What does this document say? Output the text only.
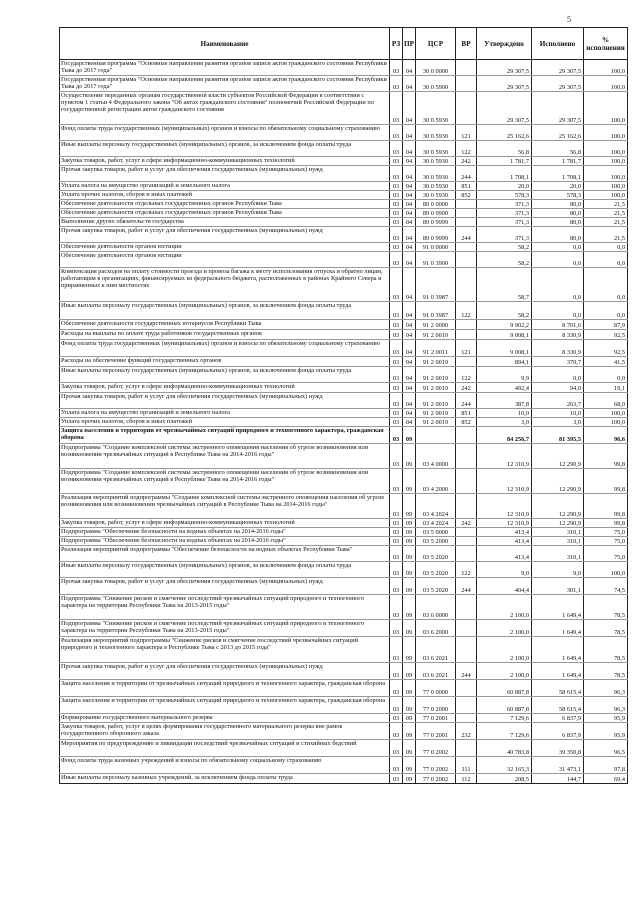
5
Наименование	РЗ	ПР	ЦСР	ВР	Утверждено	Исполнено	% исполнения
Государственная программа "Основные направления развития органов записи актов гражданского состояния Республики Тыва до 2017 года"	03	04	30 0 0000		29 307,5	29 307,5	100,0
Государственная программа "Основные направления развития органов записи актов гражданского состояния Республики Тыва до 2017 года"	03	04	30 0 5900		29 307,5	29 307,5	100,0
Осуществление переданных органам государственной власти субъектов Российской Федерации в соответствии с пунктом 1 статьи 4 Федерального закона "Об актах гражданского состояния" полномочий Российской Федерации по государственной регистрации актов гражданского состояния	03	04	30 0 5930		29 307,5	29 307,5	100,0
Фонд оплаты труда государственных (муниципальных) органов и взносы по обязательному социальному страхованию	03	04	30 0 5930	121	25 162,6	25 162,6	100,0
Иные выплаты персоналу государственных (муниципальных) органов, за исключением фонда оплаты труда	03	04	30 0 5930	122	56,8	56,8	100,0
Закупка товаров, работ, услуг в сфере информационно-коммуникационных технологий	03	04	30 0 5930	242	1 781,7	1 781,7	100,0
Прочая закупка товаров, работ и услуг для обеспечения государственных (муниципальных) нужд	03	04	30 0 5930	244	1 708,1	1 708,1	100,0
Уплата налога на имущество организаций и земельного налога	03	04	30 0 5930	851	20,0	20,0	100,0
Уплата прочих налогов, сборов и иных платежей	03	04	30 0 5930	852	578,3	578,3	100,0
Обеспечение деятельности отдельных государственных органов Республики Тыва	03	04	89 0 0000		371,3	80,0	21,5
Обеспечение деятельности отдельных государственных органов Республики Тыва	03	04	89 0 9900		371,3	80,0	21,5
Выполнение других обязательств государства	03	04	89 0 9999		371,3	80,0	21,5
Прочая закупка товаров, работ и услуг для обеспечения государственных (муниципальных) нужд	03	04	89 0 9999	244	371,3	80,0	21,5
Обеспечение деятельности органов юстиции	03	04	91 0 0000		58,2	0,0	0,0
Обеспечение деятельности органов юстиции	03	04	91 0 3900		58,2	0,0	0,0
Компенсация расходов на оплату стоимости проезда и провоза багажа к месту использования отпуска и обратно лицам, работающим в организациях, финансируемых из федерального бюджета, расположенных в районах Крайнего Севера и приравненных к ним местностях	03	04	91 0 3987		58,7	0,0	0,0
Иные выплаты персоналу государственных (муниципальных) органов, за исключением фонда оплаты труда	03	04	91 0 3987	122	58,2	0,0	0,0
Обеспечение деятельности государственных нотариусов Республики Тыва	03	04	91 2 0000		9 902,2	8 701,6	87,9
Расходы на выплаты по оплате труда работников государственных органов	03	04	91 2 0010		9 008,1	8 330,9	92,5
Фонд оплаты труда государственных (муниципальных) органов и взносы по обязательному социальному страхованию	03	04	91 2 0011	121	9 008,1	8 330,9	92,5
Расходы на обеспечение функций государственных органов	03	04	91 2 0019		894,1	370,7	41,5
Иные выплаты персоналу государственных (муниципальных) органов, за исключением фонда оплаты труда	03	04	91 2 0019	122	9,9	0,0	0,0
Закупка товаров, работ, услуг в сфере информационно-коммуникационных технологий	03	04	91 2 0019	242	492,4	94,0	19,1
Прочая закупка товаров, работ и услуг для обеспечения государственных (муниципальных) нужд	03	04	91 2 0019	244	387,8	263,7	68,0
Уплата налога на имущество организаций и земельного налога	03	04	91 2 0019	851	10,0	10,0	100,0
Уплата прочих налогов, сборов и иных платежей	03	04	91 2 0019	852	3,0	3,0	100,0
Защита населения и территории от чрезвычайных ситуаций природного и техногенного характера, гражданская оборона	03	09			84 256,7	81 395,5	96,6
Подпрограмма "Создание комплексной системы экстренного оповещения населения об угрозе возникновения или возникновении чрезвычайных ситуаций в Республике Тыва на 2014-2016 годы"	03	09	03 4 0000		12 310,9	12 290,9	99,8
Подпрограмма "Создание комплексной системы экстренного оповещения населения об угрозе возникновения или возникновении чрезвычайных ситуаций в Республике Тыва на 2014-2016 годы"	03	09	03 4 2000		12 310,9	12 290,9	99,8
Реализация мероприятий подпрограммы "Создание комплексной системы экстренного оповещения населения об угрозе возникновения или возникновении чрезвычайных ситуаций в Республике Тыва на 2014-2016 годы"	03	09	03 4 2024		12 310,9	12 290,9	99,8
Закупка товаров, работ, услуг в сфере информационно-коммуникационных технологий	03	09	03 4 2024	242	12 310,9	12 290,9	99,8
Подпрограмма "Обеспечение безопасности на водных объектах на 2014-2016 годы"	03	09	03 5 0000		413,4	310,1	75,0
Подпрограмма "Обеспечение безопасности на водных объектах на 2014-2016 годы"	03	09	03 5 2000		413,4	310,1	75,0
Реализация мероприятий подпрограммы "Обеспечение безопасности на водных объектах Республики Тыва"	03	09	03 5 2020		413,4	310,1	75,0
Иные выплаты персоналу государственных (муниципальных) органов, за исключением фонда оплаты труда	03	09	03 5 2020	122	9,0	9,0	100,0
Прочая закупка товаров, работ и услуг для обеспечения государственных (муниципальных) нужд	03	09	03 5 2020	244	404,4	301,1	74,5
Подпрограмма "Снижение рисков и смягчение последствий чрезвычайных ситуаций природного и техногенного характера на территории Республики Тыва на 2013-2015 годы"	03	09	03 6 0000		2 100,0	1 649,4	78,5
Подпрограмма "Снижение рисков и смягчение последствий чрезвычайных ситуаций природного и техногенного характера на территории Республики Тыва на 2013-2015 годы"	03	09	03 6 2000		2 100,0	1 649,4	78,5
Реализация мероприятий подпрограммы "Снижение рисков и смягчение последствий чрезвычайных ситуаций природного и техногенного характера в Республике Тыва с 2013 до 2015 года"	03	09	03 6 2021		2 100,0	1 649,4	78,5
Прочая закупка товаров, работ и услуг для обеспечения государственных (муниципальных) нужд	03	09	03 6 2021	244	2 100,0	1 649,4	78,5
Защита населения и территории от чрезвычайных ситуаций природного и техногенного характера, гражданская оборона	03	09	77 0 0000		60 887,8	58 615,4	96,3
Защита населения и территории от чрезвычайных ситуаций природного и техногенного характера, гражданская оборона	03	09	77 0 2000		60 887,8	58 615,4	96,3
Формирование государственного материального резерва	03	09	77 0 2001		7 129,6	6 837,9	95,9
Закупка товаров, работ, услуг в целях формирования государственного материального резерва вне рамок государственного оборонного заказа	03	09	77 0 2001	232	7 129,6	6 837,9	95,9
Мероприятия по предупреждению и ликвидации последствий чрезвычайных ситуаций и стихийных бедствий	03	09	77 0 2002		40 783,8	39 350,8	96,5
Фонд оплаты труда казенных учреждений и взносы по обязательному социальному страхованию	03	09	77 0 2002	111	32 165,3	31 473,1	97,8
Иные выплаты персоналу казенных учреждений, за исключением фонда оплаты труда	03	09	77 0 2002	112	208,5	144,7	69,4
